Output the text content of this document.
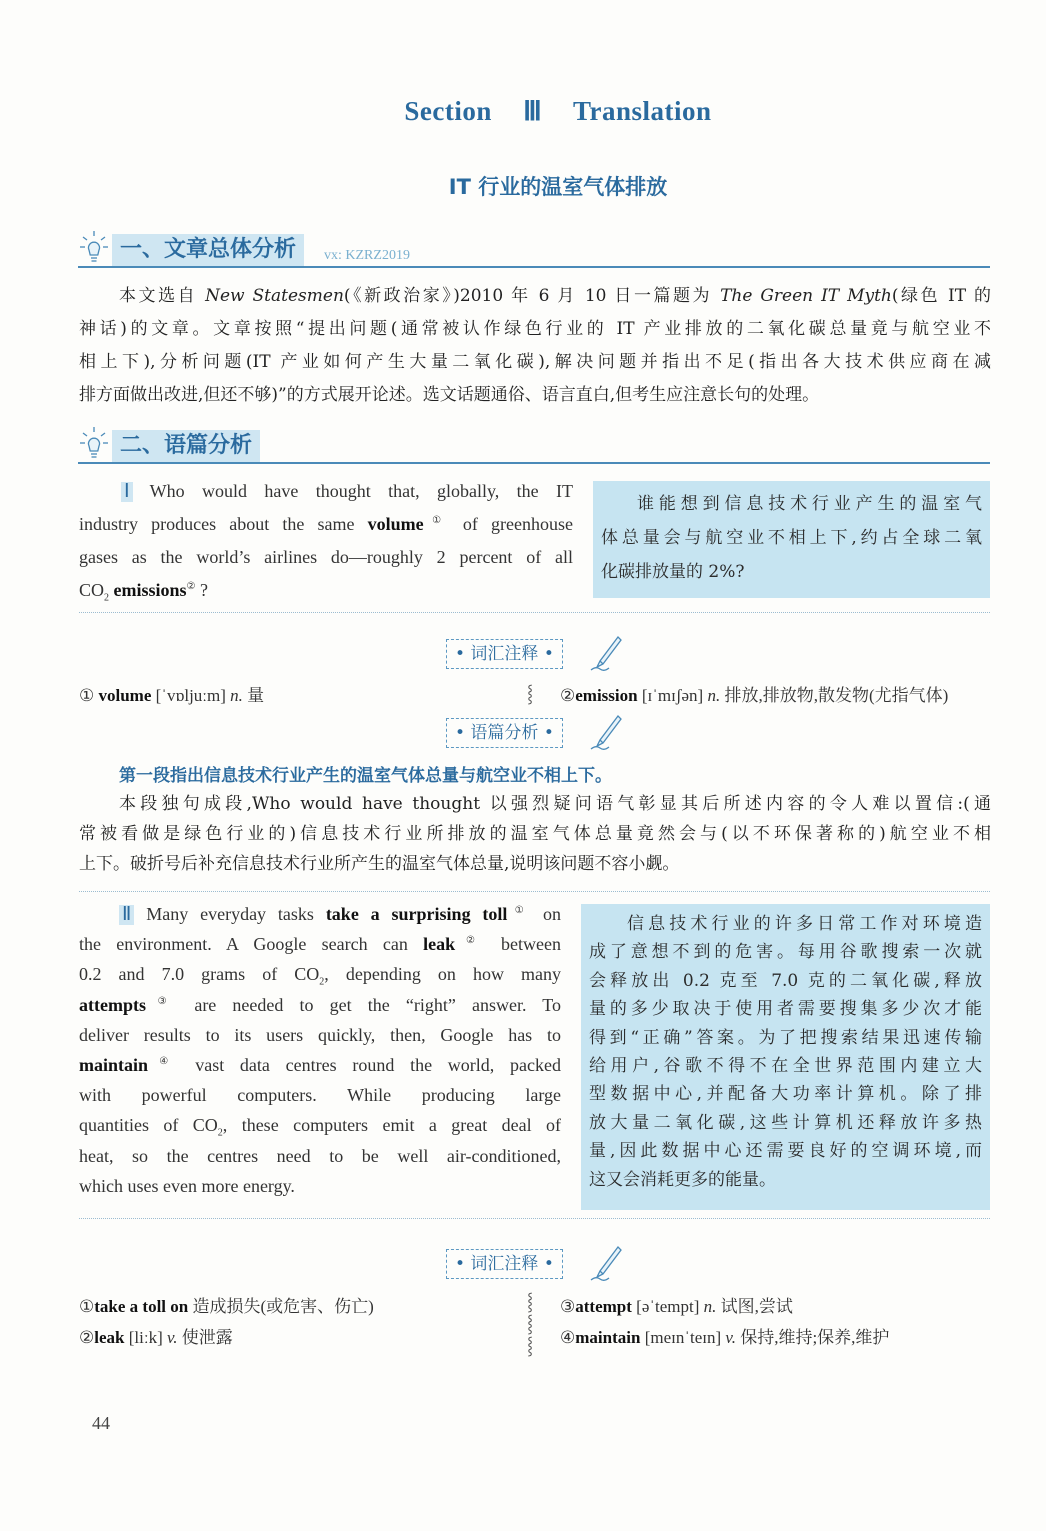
Section Ⅲ Translation
IT 行业的温室气体排放
一、文章总体分析	vx: KZRZ2019
本文选自 New Statesmen(《新政治家》)2010 年 6 月 10 日一篇题为 The Green IT Myth(绿色 IT 的
神话)的文章。文章按照“提出问题(通常被认作绿色行业的 IT 产业排放的二氧化碳总量竟与航空业不
相上下),分析问题(IT 产业如何产生大量二氧化碳),解决问题并指出不足(指出各大技术供应商在减
排方面做出改进,但还不够)”的方式展开论述。选文话题通俗、语言直白,但考生应注意长句的处理。
二、语篇分析
Ⅰ Who would have thought that, globally, the IT
industry produces about the same volume① of greenhouse
gases as the world’s airlines do—roughly 2 percent of all
$CO_2$ emissions② ?
谁能想到信息技术行业产生的温室气
体总量会与航空业不相上下,约占全球二氧
化碳排放量的 2%?
• 词汇注释 •
① volume [ˈvɒljuːm] n. 量	⸾ ②emission [ɪˈmɪʃən] n. 排放,排放物,散发物(尤指气体)
• 语篇分析 •
第一段指出信息技术行业产生的温室气体总量与航空业不相上下。
本段独句成段,Who would have thought 以强烈疑问语气彰显其后所述内容的令人难以置信:(通
常被看做是绿色行业的)信息技术行业所排放的温室气体总量竟然会与(以不环保著称的)航空业不相
上下。破折号后补充信息技术行业所产生的温室气体总量,说明该问题不容小觑。
Ⅱ Many everyday tasks take a surprising toll① on
the environment. A Google search can leak② between
0.2 and 7.0 grams of $CO_2$, depending on how many
attempts③ are needed to get the “right” answer. To
deliver results to its users quickly, then, Google has to
maintain④ vast data centres round the world, packed
with powerful computers. While producing large
quantities of $CO_2$, these computers emit a great deal of
heat, so the centres need to be well air-conditioned,
which uses even more energy.
信息技术行业的许多日常工作对环境造
成了意想不到的危害。每用谷歌搜索一次就
会释放出 0.2 克至 7.0 克的二氧化碳,释放
量的多少取决于使用者需要搜集多少次才能
得到“正确”答案。为了把搜索结果迅速传输
给用户,谷歌不得不在全世界范围内建立大
型数据中心,并配备大功率计算机。除了排
放大量二氧化碳,这些计算机还释放许多热
量,因此数据中心还需要良好的空调环境,而
这又会消耗更多的能量。
• 词汇注释 •
①take a toll on 造成损失(或危害、伤亡)	③attempt [əˈtempt] n. 试图,尝试
②leak [liːk] v. 使泄露	④maintain [meɪnˈteɪn] v. 保持,维持;保养,维护
⸾
⸾
⸾
44
